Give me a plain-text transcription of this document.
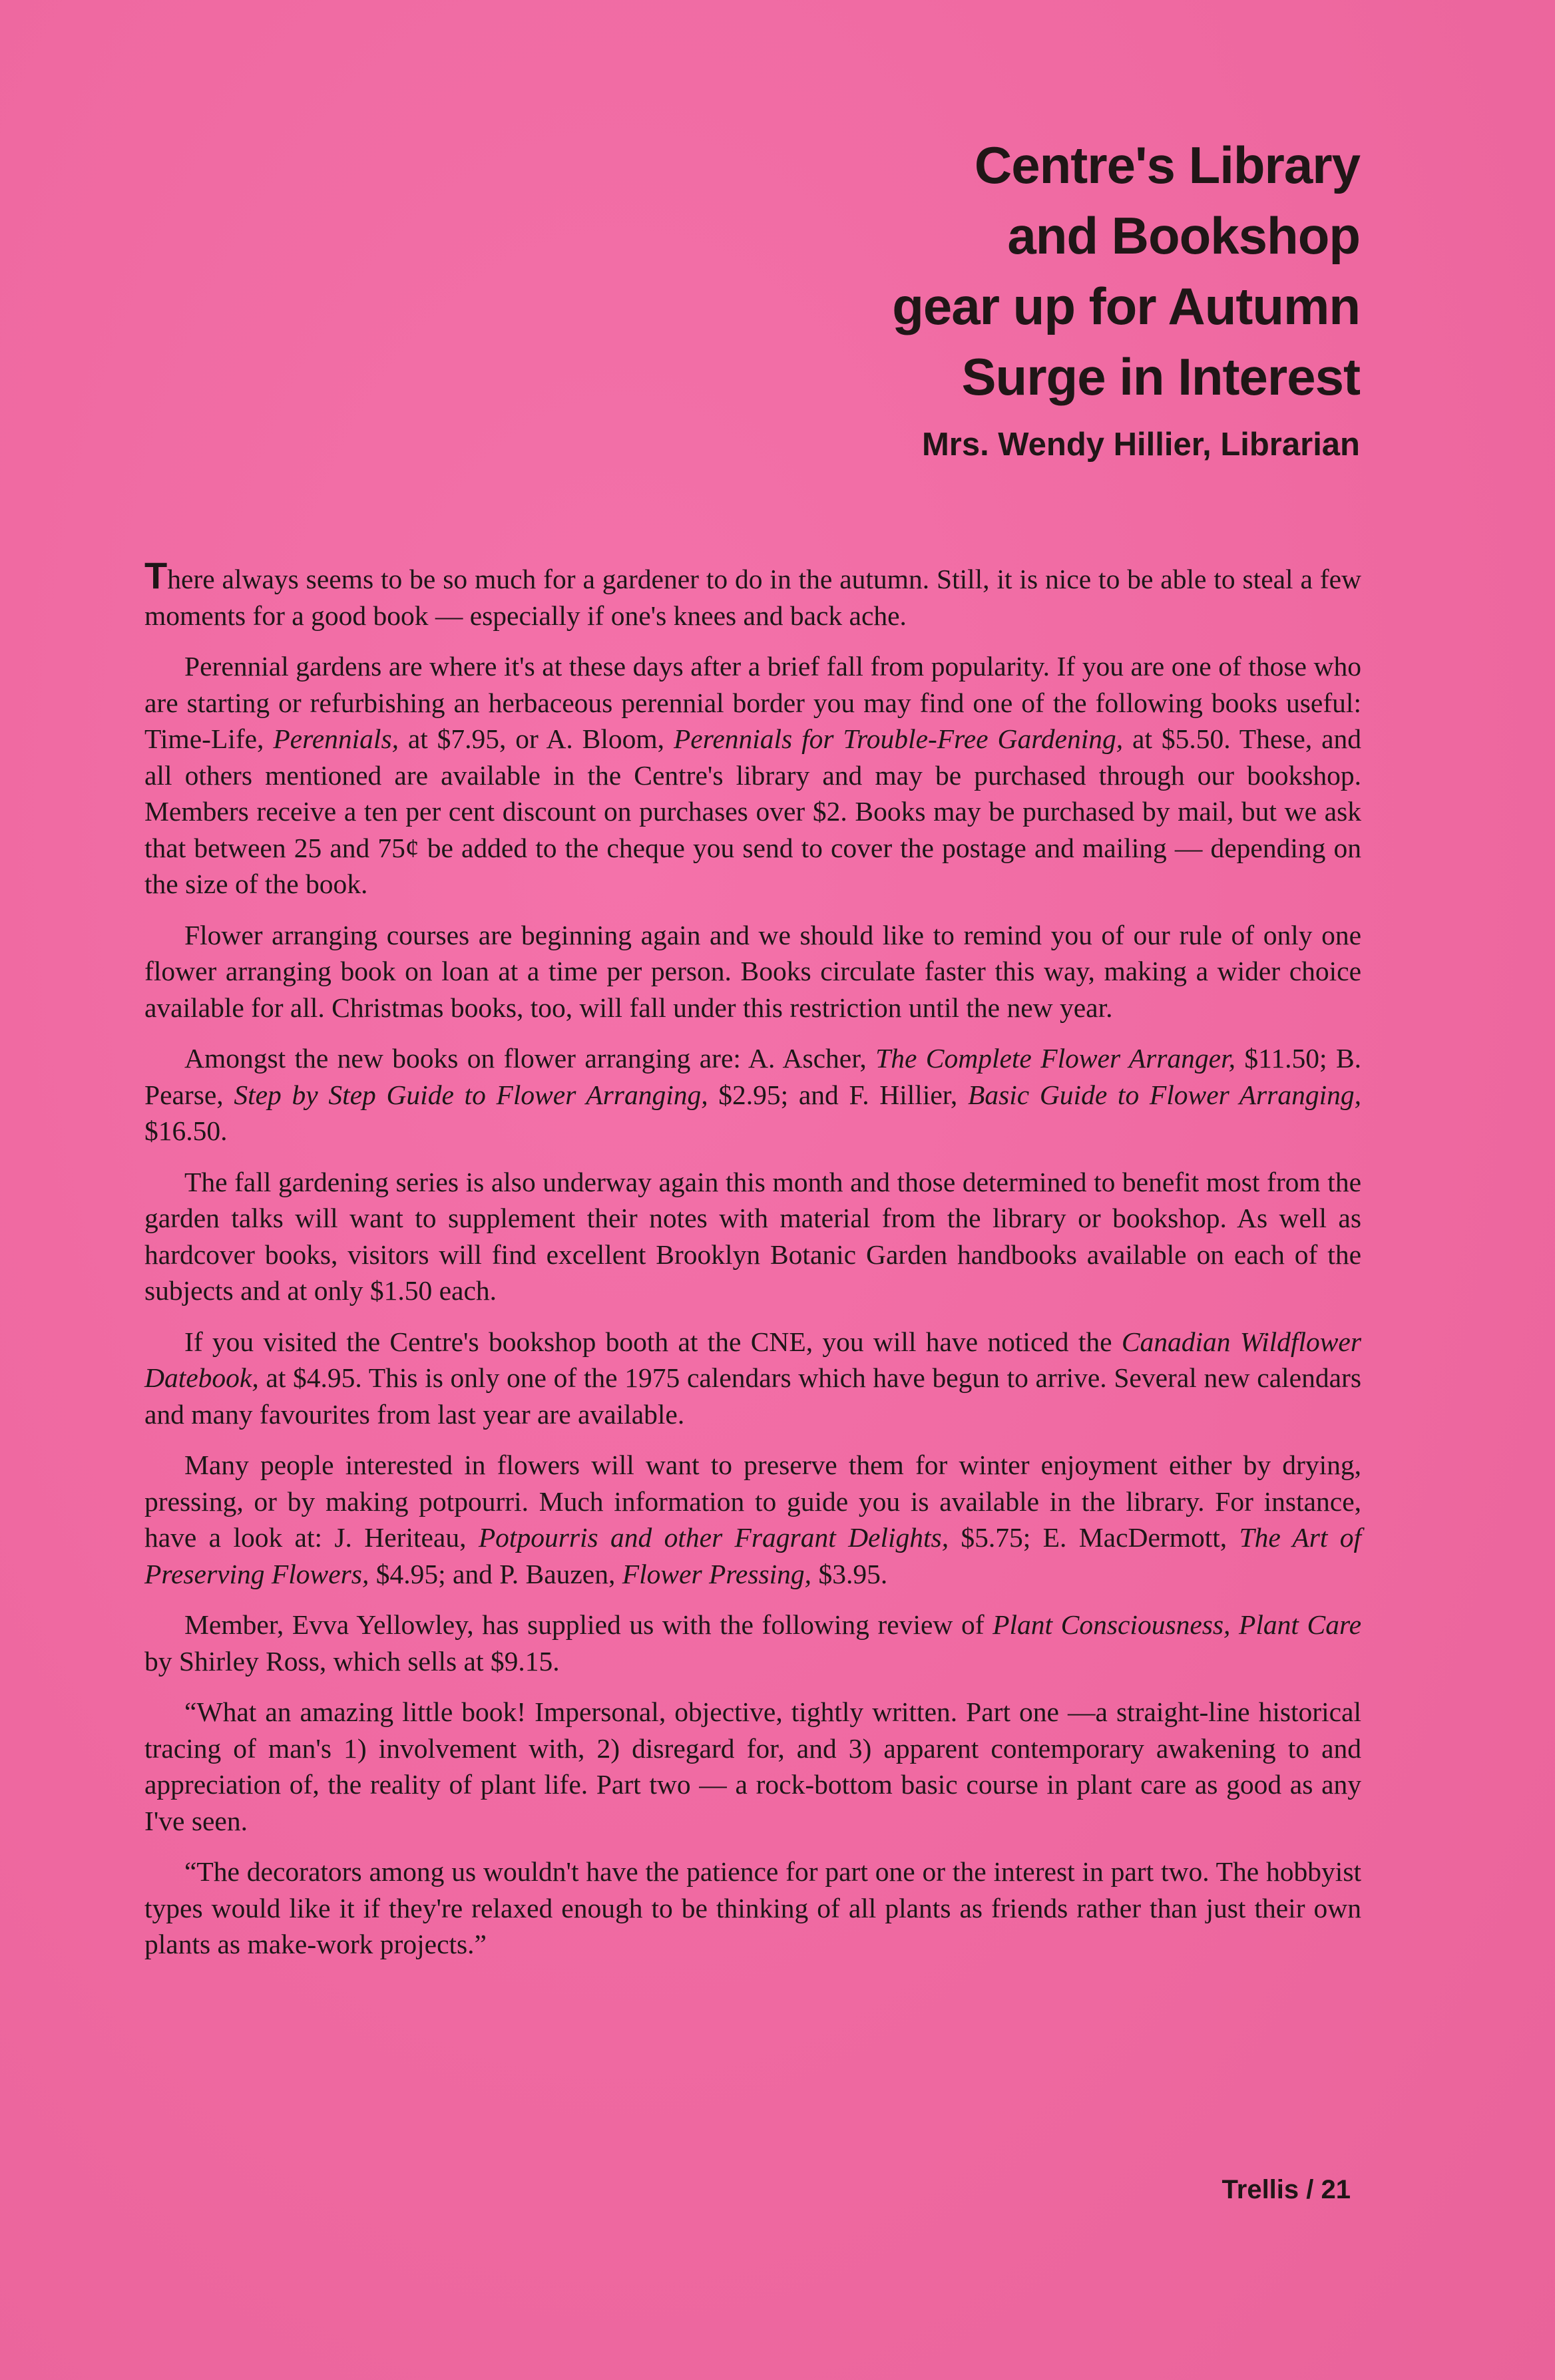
Centre's Library
and Bookshop
gear up for Autumn
Surge in Interest
Mrs. Wendy Hillier, Librarian

There always seems to be so much for a gardener to do in the autumn. Still, it is nice to be able to steal a few moments for a good book — especially if one's knees and back ache.

Perennial gardens are where it's at these days after a brief fall from popularity. If you are one of those who are starting or refurbishing an herbaceous perennial border you may find one of the following books useful: Time-Life, Perennials, at $7.95, or A. Bloom, Perennials for Trouble-Free Gardening, at $5.50. These, and all others mentioned are available in the Centre's library and may be purchased through our bookshop. Members receive a ten per cent discount on purchases over $2. Books may be purchased by mail, but we ask that between 25 and 75¢ be added to the cheque you send to cover the postage and mailing — depending on the size of the book.

Flower arranging courses are beginning again and we should like to remind you of our rule of only one flower arranging book on loan at a time per person. Books circulate faster this way, making a wider choice available for all. Christmas books, too, will fall under this restriction until the new year.

Amongst the new books on flower arranging are: A. Ascher, The Complete Flower Arranger, $11.50; B. Pearse, Step by Step Guide to Flower Arranging, $2.95; and F. Hillier, Basic Guide to Flower Arranging, $16.50.

The fall gardening series is also underway again this month and those determined to benefit most from the garden talks will want to supplement their notes with material from the library or bookshop. As well as hardcover books, visitors will find excellent Brooklyn Botanic Garden handbooks available on each of the subjects and at only $1.50 each.

If you visited the Centre's bookshop booth at the CNE, you will have noticed the Canadian Wildflower Datebook, at $4.95. This is only one of the 1975 calendars which have begun to arrive. Several new calendars and many favourites from last year are available.

Many people interested in flowers will want to preserve them for winter enjoyment either by drying, pressing, or by making potpourri. Much information to guide you is available in the library. For instance, have a look at: J. Heriteau, Potpourris and other Fragrant Delights, $5.75; E. MacDermott, The Art of Preserving Flowers, $4.95; and P. Bauzen, Flower Pressing, $3.95.

Member, Evva Yellowley, has supplied us with the following review of Plant Consciousness, Plant Care by Shirley Ross, which sells at $9.15.

“What an amazing little book! Impersonal, objective, tightly written. Part one —a straight-line historical tracing of man's 1) involvement with, 2) disregard for, and 3) apparent contemporary awakening to and appreciation of, the reality of plant life. Part two — a rock-bottom basic course in plant care as good as any I've seen.

“The decorators among us wouldn't have the patience for part one or the interest in part two. The hobbyist types would like it if they're relaxed enough to be thinking of all plants as friends rather than just their own plants as make-work projects.”

Trellis / 21
